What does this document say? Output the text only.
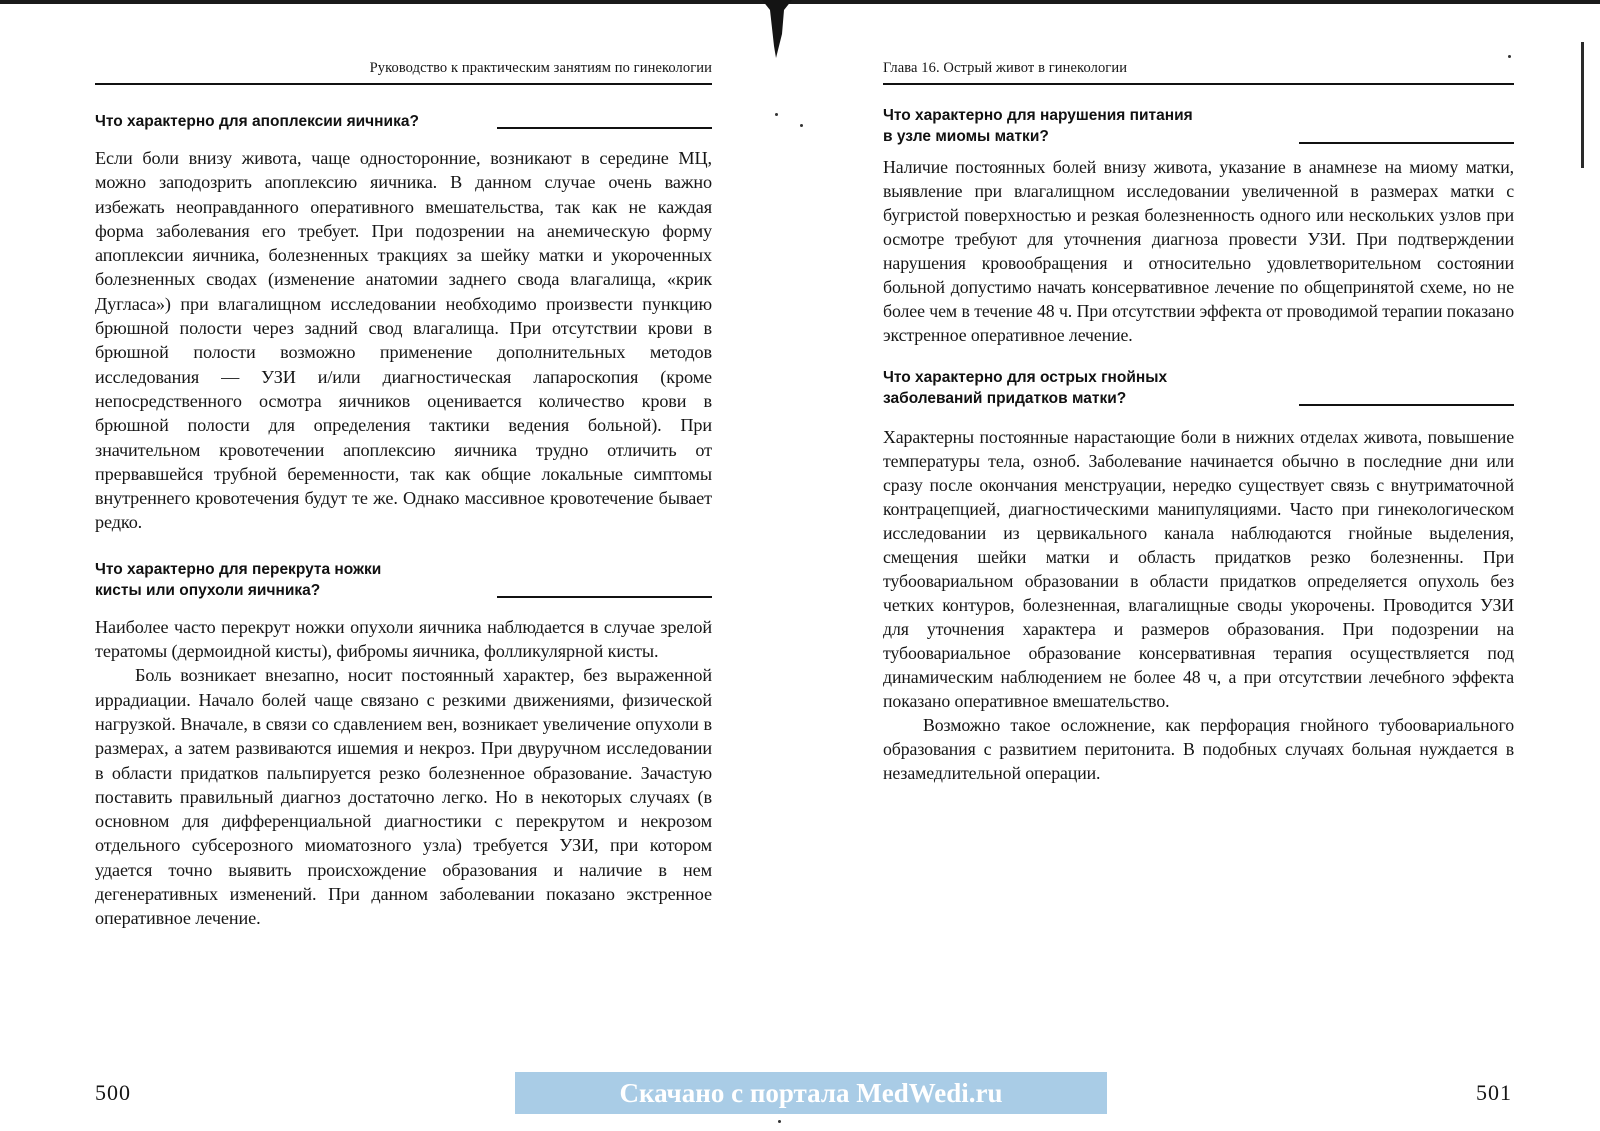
Руководство к практическим занятиям по гинекологии
Что характерно для апоплексии яичника?

Если боли внизу живота, чаще односторонние, возникают в середине МЦ, можно заподозрить апоплексию яичника. В данном случае очень важно избежать неоправданного оперативного вмешательства, так как не каждая форма заболевания его требует. При подозрении на анемическую форму апоплексии яичника, болезненных тракциях за шейку матки и укороченных болезненных сводах (изменение анатомии заднего свода влагалища, «крик Дугласа») при влагалищном исследовании необходимо произвести пункцию брюшной полости через задний свод влагалища. При отсутствии крови в брюшной полости возможно применение дополнительных методов исследования — УЗИ и/или диагностическая лапароскопия (кроме непосредственного осмотра яичников оценивается количество крови в брюшной полости для определения тактики ведения больной). При значительном кровотечении апоплексию яичника трудно отличить от прервавшейся трубной беременности, так как общие локальные симптомы внутреннего кровотечения будут те же. Однако массивное кровотечение бывает редко.

Что характерно для перекрута ножки
кисты или опухоли яичника?

Наиболее часто перекрут ножки опухоли яичника наблюдается в случае зрелой тератомы (дермоидной кисты), фибромы яичника, фолликулярной кисты.

Боль возникает внезапно, носит постоянный характер, без выраженной иррадиации. Начало болей чаще связано с резкими движениями, физической нагрузкой. Вначале, в связи со сдавлением вен, возникает увеличение опухоли в размерах, а затем развиваются ишемия и некроз. При двуручном исследовании в области придатков пальпируется резко болезненное образование. Зачастую поставить правильный диагноз достаточно легко. Но в некоторых случаях (в основном для дифференциальной диагностики с перекрутом и некрозом отдельного субсерозного миоматозного узла) требуется УЗИ, при котором удается точно выявить происхождение образования и наличие в нем дегенеративных изменений. При данном заболевании показано экстренное оперативное лечение.

Глава 16. Острый живот в гинекологии
Что характерно для нарушения питания
в узле миомы матки?

Наличие постоянных болей внизу живота, указание в анамнезе на миому матки, выявление при влагалищном исследовании увеличенной в размерах матки с бугристой поверхностью и резкая болезненность одного или нескольких узлов при осмотре требуют для уточнения диагноза провести УЗИ. При подтверждении нарушения кровообращения и относительно удовлетворительном состоянии больной допустимо начать консервативное лечение по общепринятой схеме, но не более чем в течение 48 ч. При отсутствии эффекта от проводимой терапии показано экстренное оперативное лечение.

Что характерно для острых гнойных
заболеваний придатков матки?

Характерны постоянные нарастающие боли в нижних отделах живота, повышение температуры тела, озноб. Заболевание начинается обычно в последние дни или сразу после окончания менструации, нередко существует связь с внутриматочной контрацепцией, диагностическими манипуляциями. Часто при гинекологическом исследовании из цервикального канала наблюдаются гнойные выделения, смещения шейки матки и область придатков резко болезненны. При тубоовариальном образовании в области придатков определяется опухоль без четких контуров, болезненная, влагалищные своды укорочены. Проводится УЗИ для уточнения характера и размеров образования. При подозрении на тубоовариальное образование консервативная терапия осуществляется под динамическим наблюдением не более 48 ч, а при отсутствии лечебного эффекта показано оперативное вмешательство.

Возможно такое осложнение, как перфорация гнойного тубоовариального образования с развитием перитонита. В подобных случаях больная нуждается в незамедлительной операции.

500	501
Скачано с портала MedWedi.ru
